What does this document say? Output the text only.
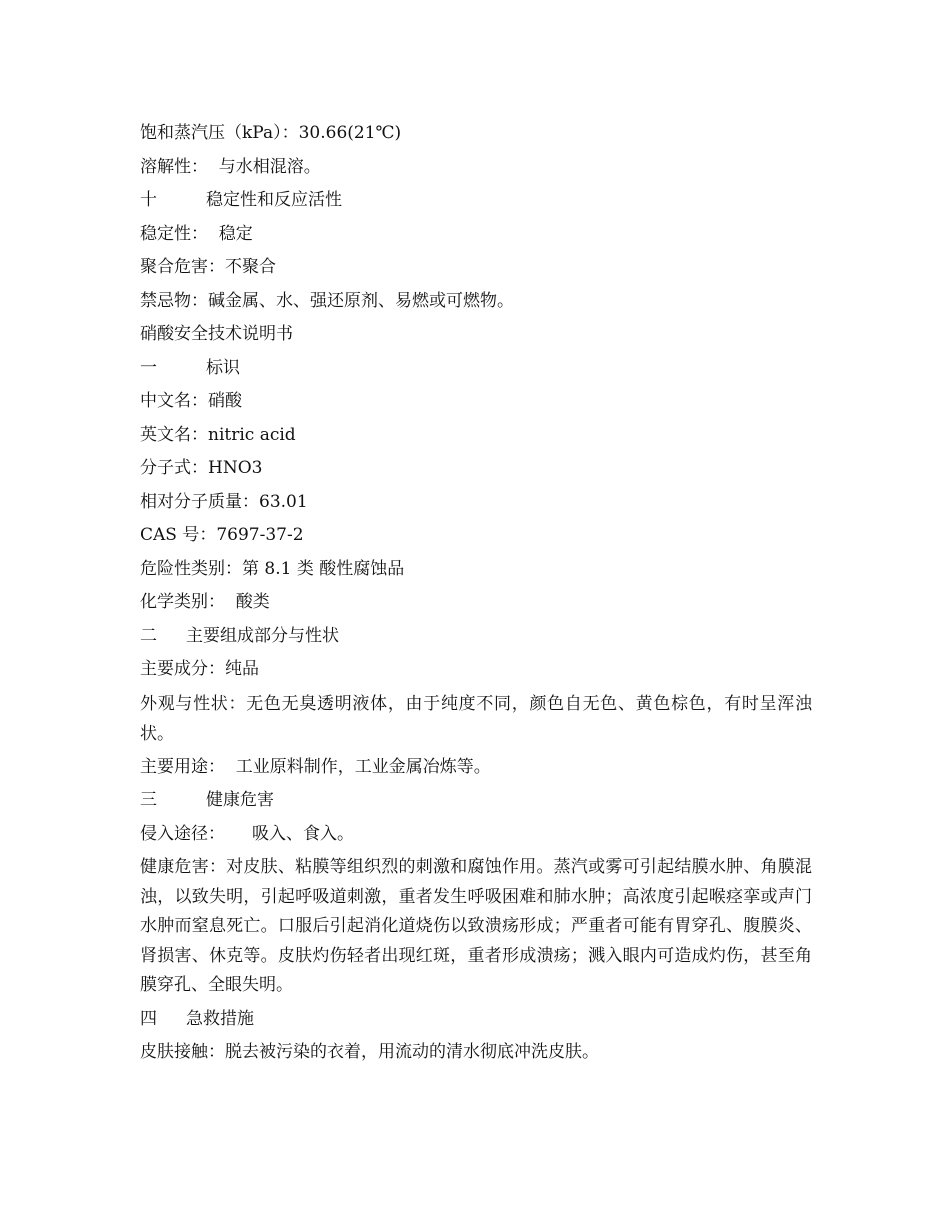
饱和蒸汽压（kPa）：30.66(21℃)
溶解性：  与水相混溶。
十	稳定性和反应活性
稳定性：  稳定
聚合危害：不聚合
禁忌物：碱金属、水、强还原剂、易燃或可燃物。
硝酸安全技术说明书
一	标识
中文名：硝酸
英文名：nitric acid
分子式：HNO3
相对分子质量：63.01
CAS 号：7697-37-2
危险性类别：第 8.1 类 酸性腐蚀品
化学类别：  酸类
二 主要组成部分与性状
主要成分：纯品
外观与性状：无色无臭透明液体，由于纯度不同，颜色自无色、黄色棕色，有时呈浑浊状。
主要用途：  工业原料制作，工业金属冶炼等。
三	健康危害
侵入途径：     吸入、食入。
健康危害：对皮肤、粘膜等组织烈的刺激和腐蚀作用。蒸汽或雾可引起结膜水肿、角膜混浊，以致失明，引起呼吸道刺激，重者发生呼吸困难和肺水肿；高浓度引起喉痉挛或声门水肿而窒息死亡。口服后引起消化道烧伤以致溃疡形成；严重者可能有胃穿孔、腹膜炎、肾损害、休克等。皮肤灼伤轻者出现红斑，重者形成溃疡；溅入眼内可造成灼伤，甚至角膜穿孔、全眼失明。
四 急救措施
皮肤接触：脱去被污染的衣着，用流动的清水彻底冲洗皮肤。
